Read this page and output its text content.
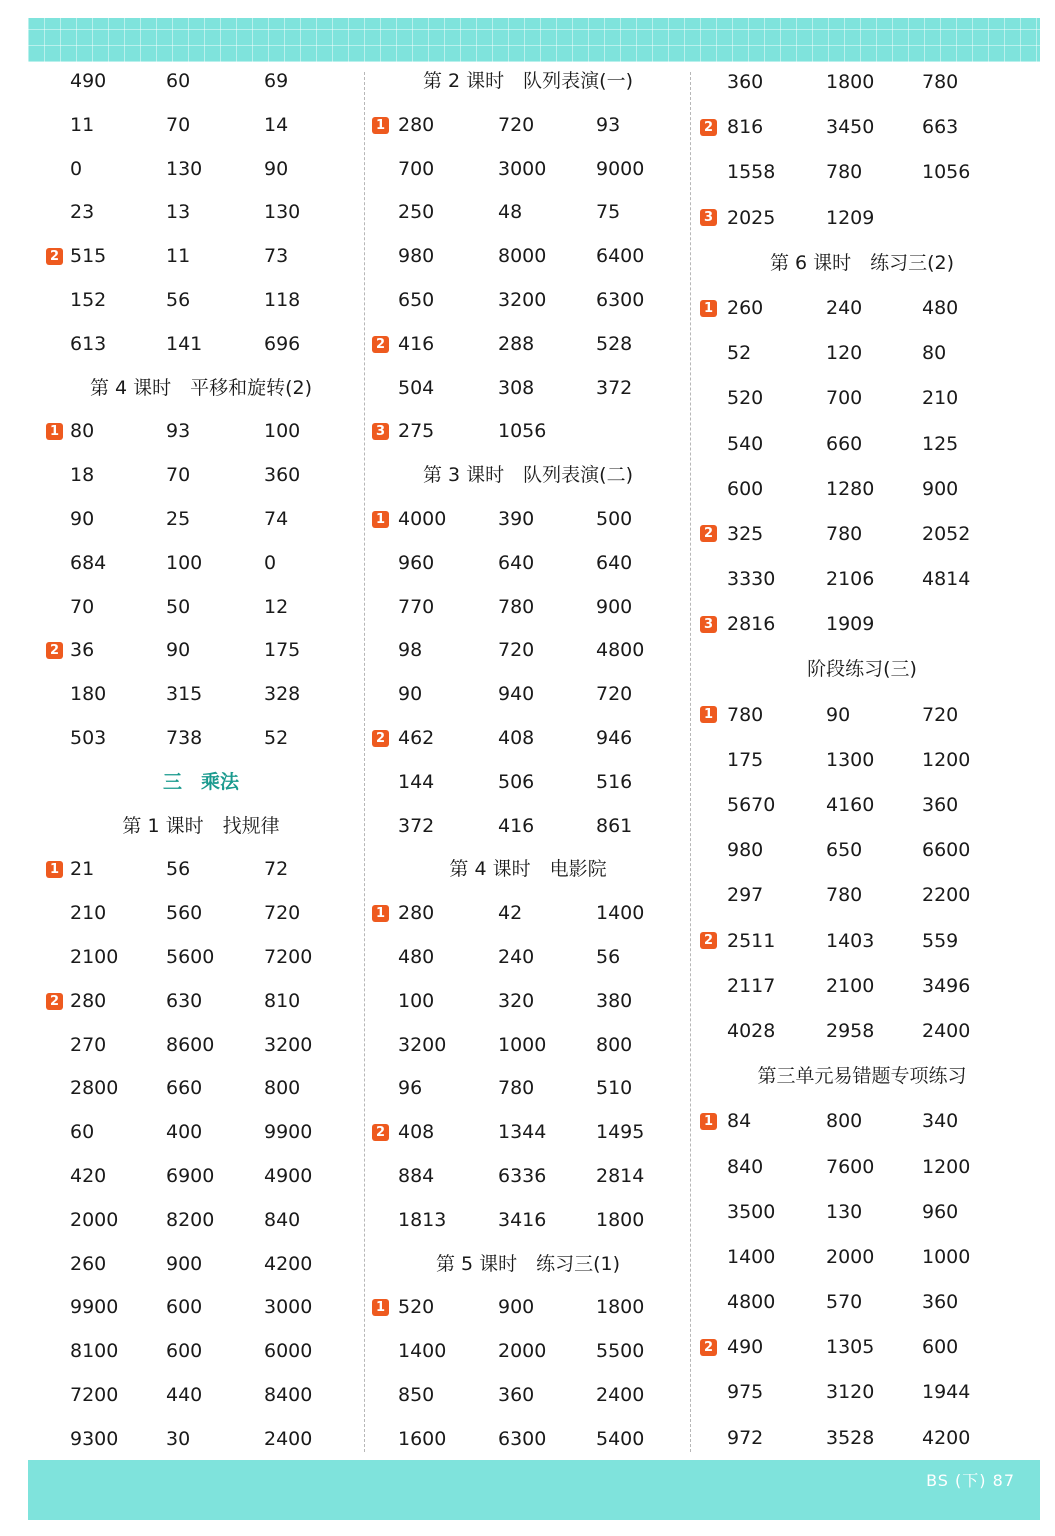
490	60	69
11	70	14
0	130	90
23	13	130
2 515	11	73
152	56	118
613	141	696
第 4 课时　平移和旋转(2)
1 80	93	100
18	70	360
90	25	74
684	100	0
70	50	12
2 36	90	175
180	315	328
503	738	52
三　乘法
第 1 课时　找规律
1 21	56	72
210	560	720
2100	5600	7200
2 280	630	810
270	8600	3200
2800	660	800
60	400	9900
420	6900	4900
2000	8200	840
260	900	4200
9900	600	3000
8100	600	6000
7200	440	8400
9300	30	2400
第 2 课时　队列表演(一)
1 280	720	93
700	3000	9000
250	48	75
980	8000	6400
650	3200	6300
2 416	288	528
504	308	372
3 275	1056
第 3 课时　队列表演(二)
1 4000	390	500
960	640	640
770	780	900
98	720	4800
90	940	720
2 462	408	946
144	506	516
372	416	861
第 4 课时　电影院
1 280	42	1400
480	240	56
100	320	380
3200	1000	800
96	780	510
2 408	1344	1495
884	6336	2814
1813	3416	1800
第 5 课时　练习三(1)
1 520	900	1800
1400	2000	5500
850	360	2400
1600	6300	5400
360	1800	780
2 816	3450	663
1558	780	1056
3 2025	1209
第 6 课时　练习三(2)
1 260	240	480
52	120	80
520	700	210
540	660	125
600	1280	900
2 325	780	2052
3330	2106	4814
3 2816	1909
阶段练习(三)
1 780	90	720
175	1300	1200
5670	4160	360
980	650	6600
297	780	2200
2 2511	1403	559
2117	2100	3496
4028	2958	2400
第三单元易错题专项练习
1 84	800	340
840	7600	1200
3500	130	960
1400	2000	1000
4800	570	360
2 490	1305	600
975	3120	1944
972	3528	4200
BS (下) 87
